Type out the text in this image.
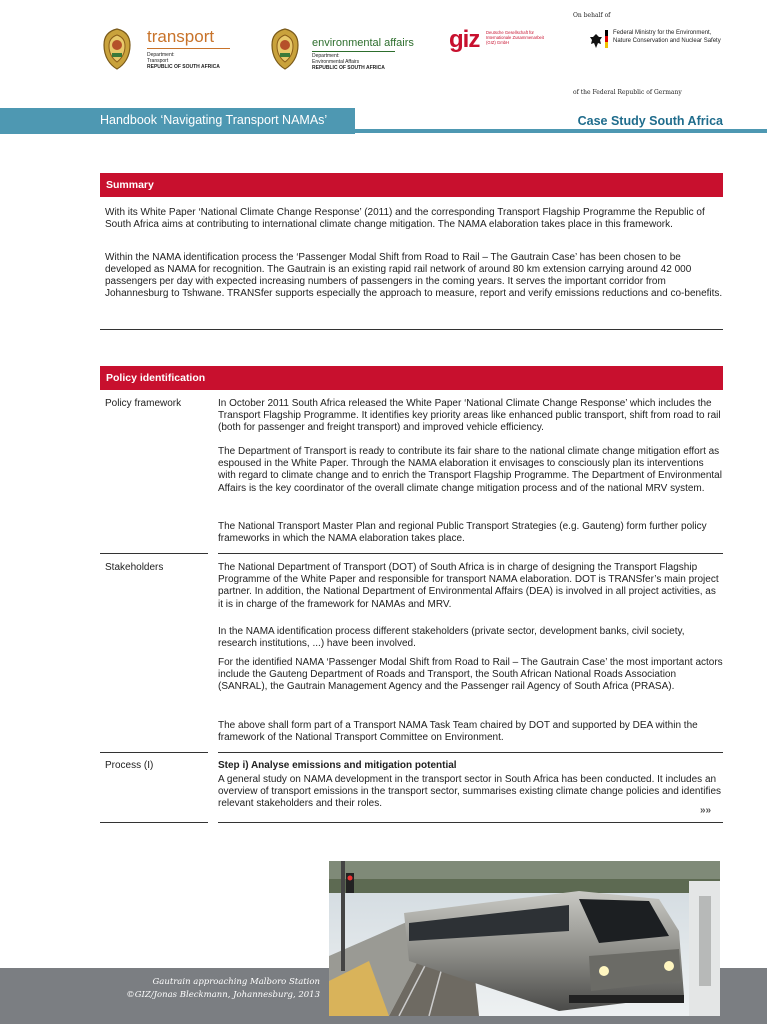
transport
Department:
Transport
REPUBLIC OF SOUTH AFRICA
environmental affairs
Department:
Environmental Affairs
REPUBLIC OF SOUTH AFRICA
giz Deutsche Gesellschaft für Internationale Zusammenarbeit (GIZ) GmbH
On behalf of
Federal Ministry for the Environment, Nature Conservation and Nuclear Safety
of the Federal Republic of Germany
Handbook ‘Navigating Transport NAMAs’	Case Study South Africa
Summary

With its White Paper ‘National Climate Change Response’ (2011) and the corresponding Transport Flagship Programme the Republic of South Africa aims at contributing to international climate change mitigation. The NAMA elaboration takes place in this framework.

Within the NAMA identification process the ‘Passenger Modal Shift from Road to Rail – The Gautrain Case’ has been chosen to be developed as NAMA for recognition. The Gautrain is an existing rapid rail network of around 80 km extension carrying around 42 000 passengers per day with expected increasing numbers of passengers in the coming years. It serves the important corridor from Johannesburg to Tshwane. TRANSfer supports especially the approach to measure, report and verify emissions reductions and co-benefits.

Policy identification
Policy framework	In October 2011 South Africa released the White Paper ‘National Climate Change Response’ which includes the Transport Flagship Programme. It identifies key priority areas like enhanced public transport, shift from road to rail (both for passenger and freight transport) and improved vehicle efficiency.

The Department of Transport is ready to contribute its fair share to the national climate change mitigation effort as espoused in the White Paper. Through the NAMA elaboration it envisages to consciously plan its interventions with regard to climate change and to enrich the Transport Flagship Programme. The Department of Environmental Affairs is the key coordinator of the overall climate change mitigation process and of the national MRV system.

The National Transport Master Plan and regional Public Transport Strategies (e.g. Gauteng) form further policy frameworks in which the NAMA elaboration takes place.

Stakeholders	The National Department of Transport (DOT) of South Africa is in charge of designing the Transport Flagship Programme of the White Paper and responsible for transport NAMA elaboration. DOT is TRANSfer’s main project partner. In addition, the National Department of Environmental Affairs (DEA) is involved in all project activities, as it is in charge of the framework for NAMAs and MRV.

In the NAMA identification process different stakeholders (private sector, development banks, civil society, research institutions, ...) have been involved.

For the identified NAMA ‘Passenger Modal Shift from Road to Rail – The Gautrain Case’ the most important actors include the Gauteng Department of Roads and Transport, the South African National Roads Association (SANRAL), the Gautrain Management Agency and the Passenger rail Agency of South Africa (PRASA).

The above shall form part of a Transport NAMA Task Team chaired by DOT and supported by DEA within the framework of the National Transport Committee on Environment.

Process (I)	Step i) Analyse emissions and mitigation potential

A general study on NAMA development in the transport sector in South Africa has been conducted. It includes an overview of transport emissions in the transport sector, summarises existing climate change policies and identifies relevant stakeholders and their roles.

»»
Gautrain approaching Malboro Station
©GIZ/Jonas Bleckmann, Johannesburg, 2013
